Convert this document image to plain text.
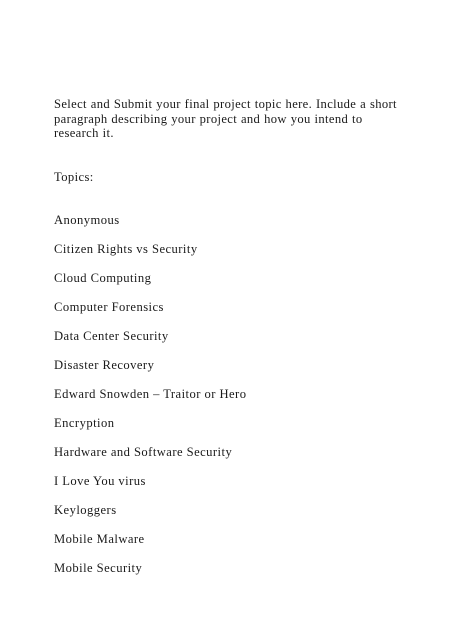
Select and Submit your final project topic here. Include a short paragraph describing your project and how you intend to research it.

Topics:

Anonymous
Citizen Rights vs Security
Cloud Computing
Computer Forensics
Data Center Security
Disaster Recovery
Edward Snowden – Traitor or Hero
Encryption
Hardware and Software Security
I Love You virus
Keyloggers
Mobile Malware
Mobile Security
